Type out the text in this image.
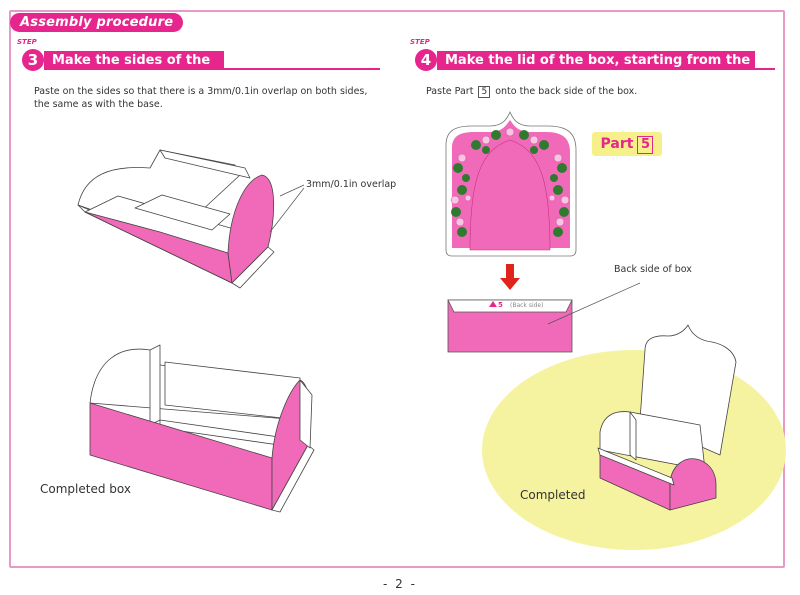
Assembly procedure
STEP
3	Make the sides of the box
Paste on the sides so that there is a 3mm/0.1in overlap on both sides,
the same as with the base.
STEP
4	Make the lid of the box, starting from the back
Paste Part 5 onto the back side of the box.
3mm/0.1in overlap
Completed box
Part 5
Back side of box
5 (Back side)
Completed
- 2 -
